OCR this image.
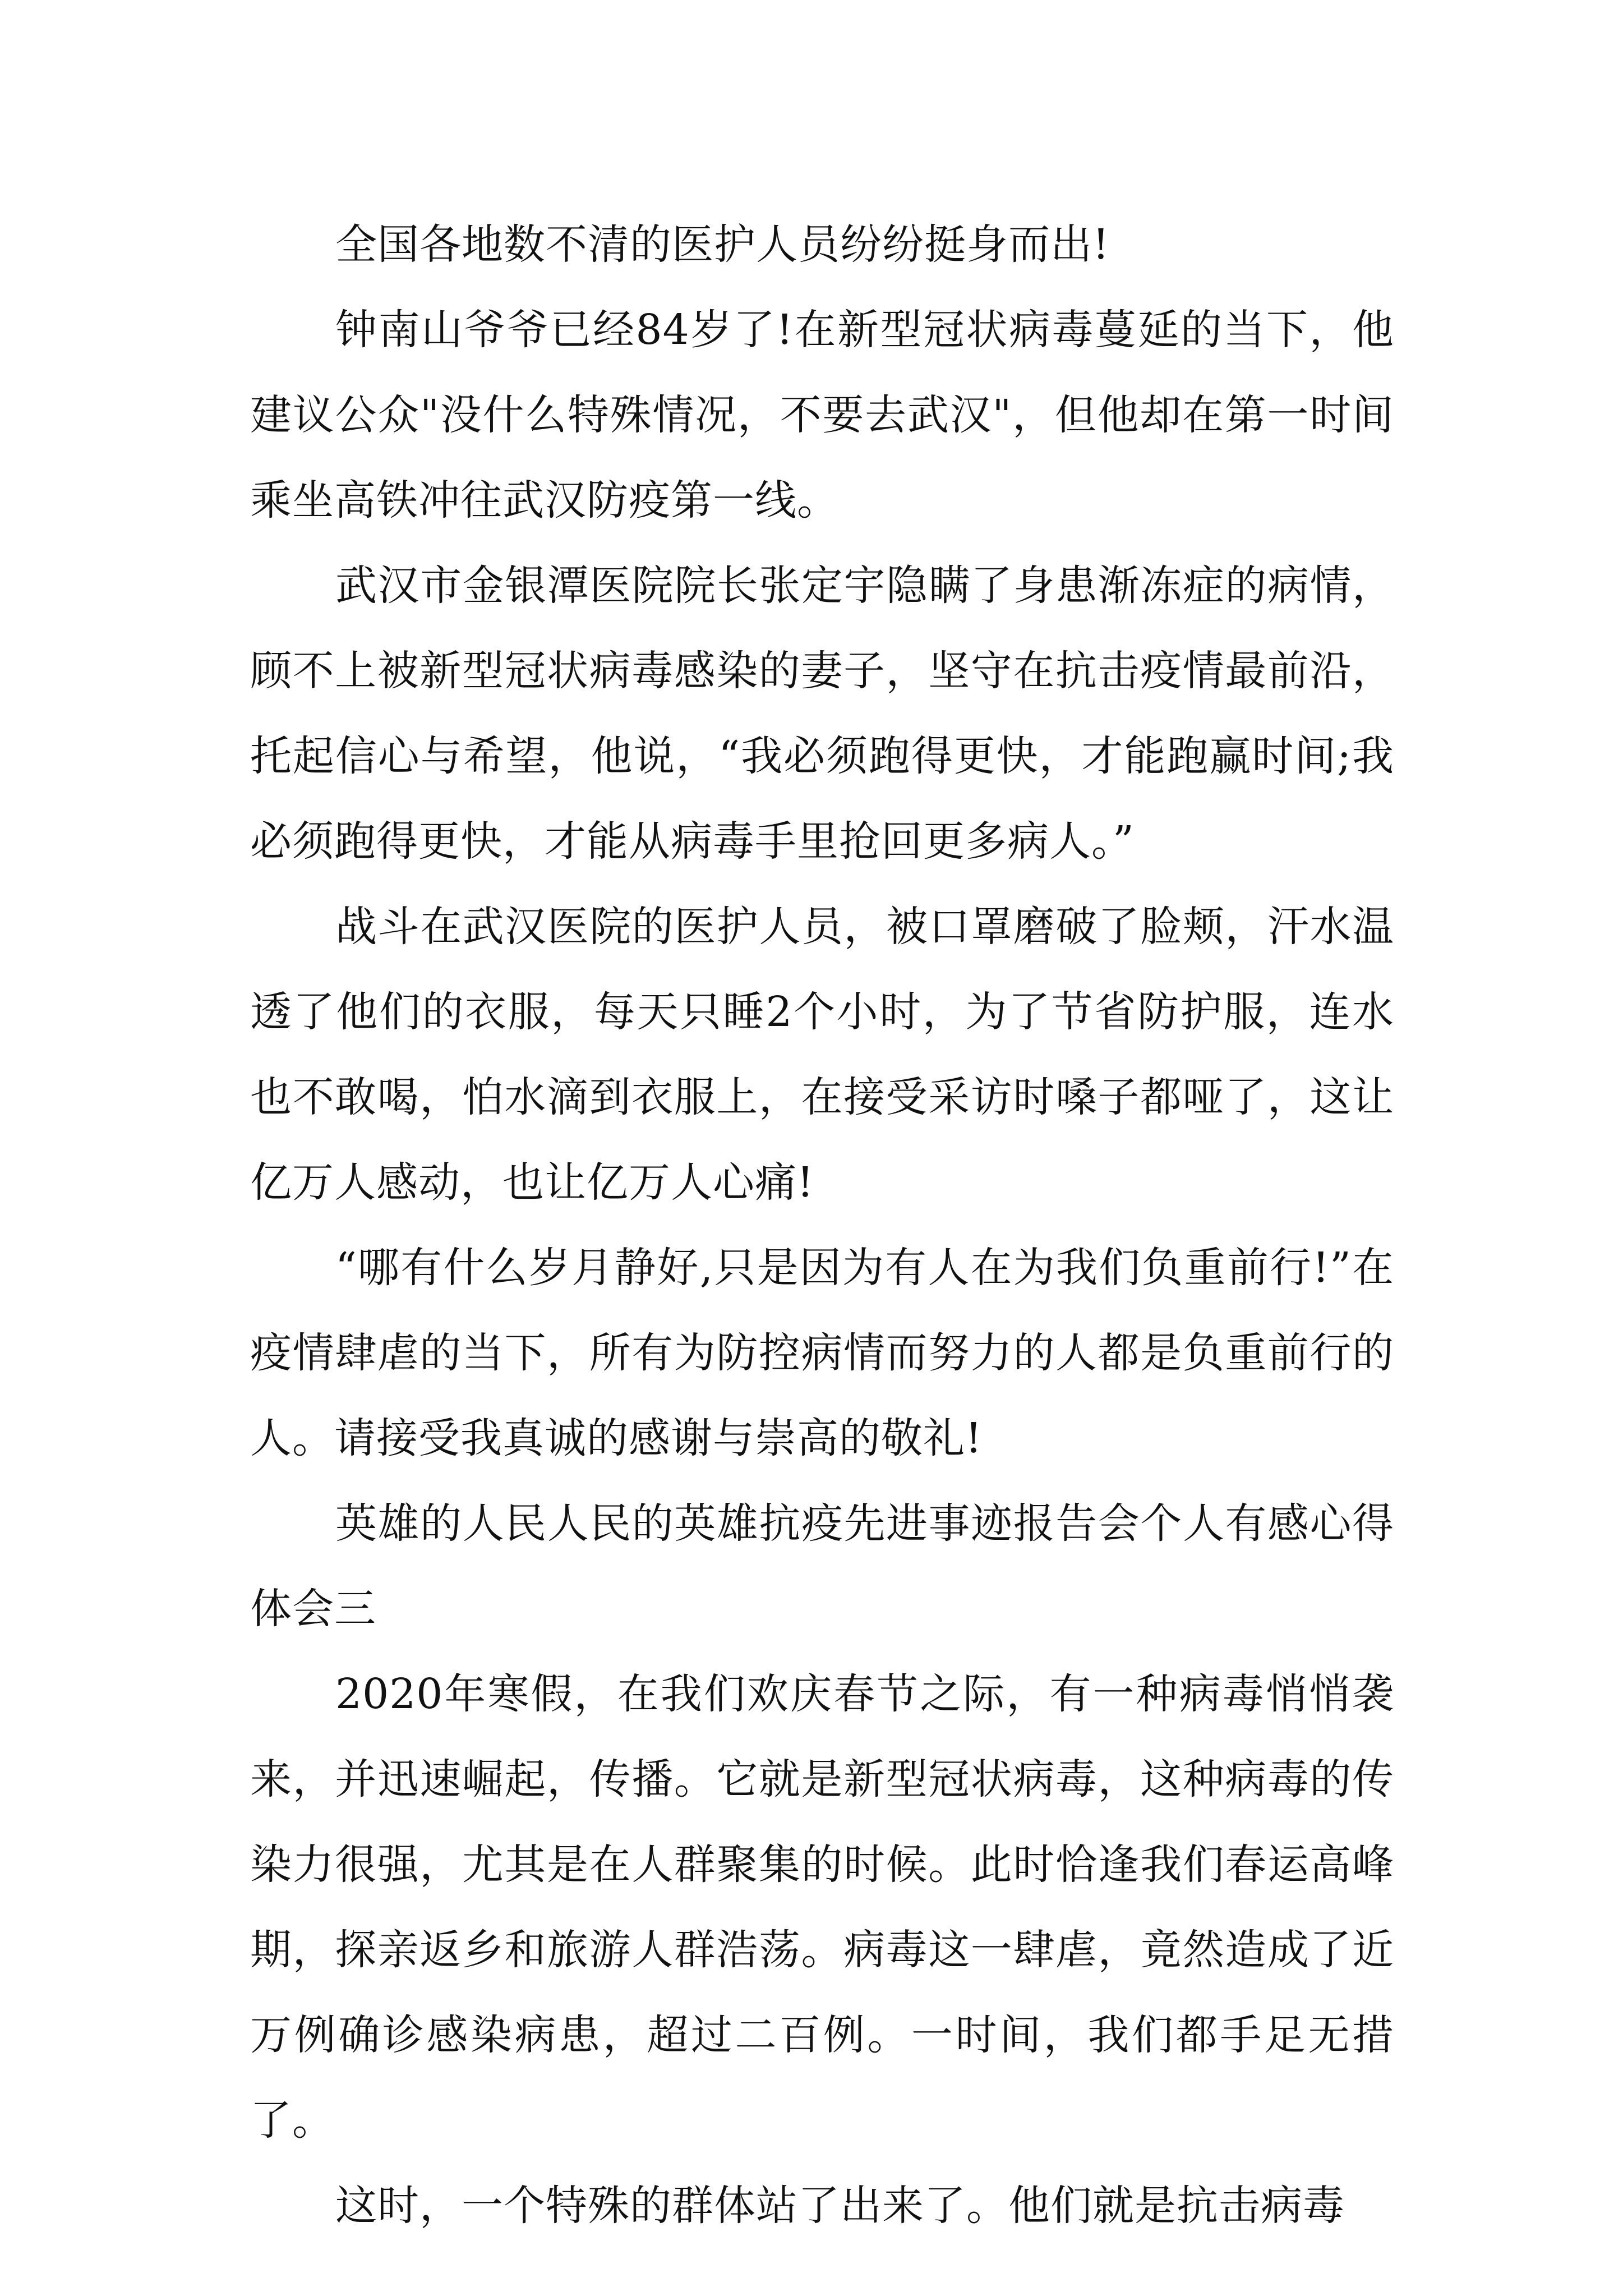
全国各地数不清的医护人员纷纷挺身而出!

钟南山爷爷已经84岁了!在新型冠状病毒蔓延的当下，他建议公众"没什么特殊情况，不要去武汉"，但他却在第一时间乘坐高铁冲往武汉防疫第一线。

武汉市金银潭医院院长张定宇隐瞒了身患渐冻症的病情，顾不上被新型冠状病毒感染的妻子，坚守在抗击疫情最前沿，托起信心与希望，他说，“我必须跑得更快，才能跑赢时间;我必须跑得更快，才能从病毒手里抢回更多病人。”

战斗在武汉医院的医护人员，被口罩磨破了脸颊，汗水温透了他们的衣服，每天只睡2个小时，为了节省防护服，连水也不敢喝，怕水滴到衣服上，在接受采访时嗓子都哑了，这让亿万人感动，也让亿万人心痛!

“哪有什么岁月静好,只是因为有人在为我们负重前行!”在疫情肆虐的当下，所有为防控病情而努力的人都是负重前行的人。请接受我真诚的感谢与崇高的敬礼!

英雄的人民人民的英雄抗疫先进事迹报告会个人有感心得体会三

2020年寒假，在我们欢庆春节之际，有一种病毒悄悄袭来，并迅速崛起，传播。它就是新型冠状病毒，这种病毒的传染力很强，尤其是在人群聚集的时候。此时恰逢我们春运高峰期，探亲返乡和旅游人群浩荡。病毒这一肆虐，竟然造成了近万例确诊感染病患，超过二百例。一时间，我们都手足无措了。

这时，一个特殊的群体站了出来了。他们就是抗击病毒
